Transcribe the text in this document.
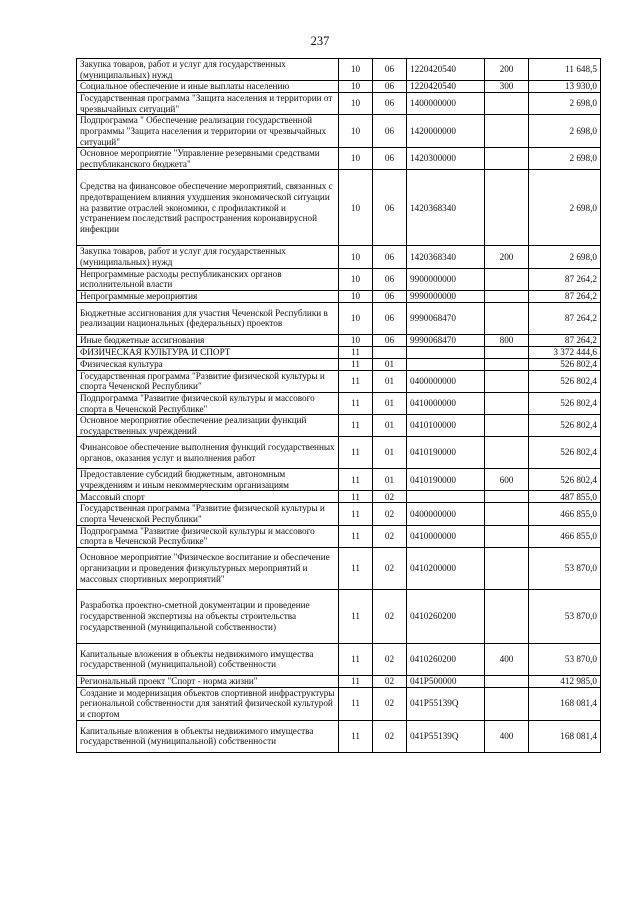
237
Закупка товаров, работ и услуг для государственных (муниципальных) нужд	10	06	1220420540	200	11 648,5
Социальное обеспечение и иные выплаты населению	10	06	1220420540	300	13 930,0
Государственная программа "Защита населения и территории от чрезвычайных ситуаций"	10	06	1400000000		2 698,0
Подпрограмма " Обеспечение реализации государственной программы "Защита населения и территории от чрезвычайных ситуаций"	10	06	1420000000		2 698,0
Основное мероприятие "Управление резервными средствами республиканского бюджета"	10	06	1420300000		2 698,0
Средства на финансовое обеспечение мероприятий, связанных с предотвращением влияния ухудшения экономической ситуации на развитие отраслей экономики, с профилактикой и устранением последствий распространения коронавирусной инфекции	10	06	1420368340		2 698,0
Закупка товаров, работ и услуг для государственных (муниципальных) нужд	10	06	1420368340	200	2 698,0
Непрограммные расходы республиканских органов исполнительной власти	10	06	9900000000		87 264,2
Непрограммные мероприятия	10	06	9990000000		87 264,2
Бюджетные ассигнования для участия Чеченской Республики в реализации национальных (федеральных) проектов	10	06	9990068470		87 264,2
Иные бюджетные ассигнования	10	06	9990068470	800	87 264,2
ФИЗИЧЕСКАЯ КУЛЬТУРА И СПОРТ	11				3 372 444,6
Физическая культура	11	01			526 802,4
Государственная программа "Развитие физической культуры и спорта Чеченской Республики"	11	01	0400000000		526 802,4
Подпрограмма "Развитие физической культуры и массового спорта в Чеченской Республике"	11	01	0410000000		526 802,4
Основное мероприятие обеспечение реализации функций государственных учреждений	11	01	0410100000		526 802,4
Финансовое обеспечение выполнения функций государственных органов, оказания услуг и выполнения работ	11	01	0410190000		526 802,4
Предоставление субсидий бюджетным, автономным учреждениям и иным некоммерческим организациям	11	01	0410190000	600	526 802,4
Массовый спорт	11	02			487 855,0
Государственная программа "Развитие физической культуры и спорта Чеченской Республики"	11	02	0400000000		466 855,0
Подпрограмма "Развитие физической культуры и массового спорта в Чеченской Республике"	11	02	0410000000		466 855,0
Основное мероприятие "Физическое воспитание и обеспечение организации и проведения физкультурных мероприятий и массовых спортивных мероприятий"	11	02	0410200000		53 870,0
Разработка проектно-сметной документации и проведение государственной экспертизы на объекты строительства государственной (муниципальной собственности)	11	02	0410260200		53 870,0
Капитальные вложения в объекты недвижимого имущества государственной (муниципальной) собственности	11	02	0410260200	400	53 870,0
Региональный проект "Спорт - норма жизни"	11	02	041P500000		412 985,0
Создание и модернизация объектов спортивной инфраструктуры региональной собственности для занятий физической культурой и спортом	11	02	041P55139Q		168 081,4
Капитальные вложения в объекты недвижимого имущества государственной (муниципальной) собственности	11	02	041P55139Q	400	168 081,4
